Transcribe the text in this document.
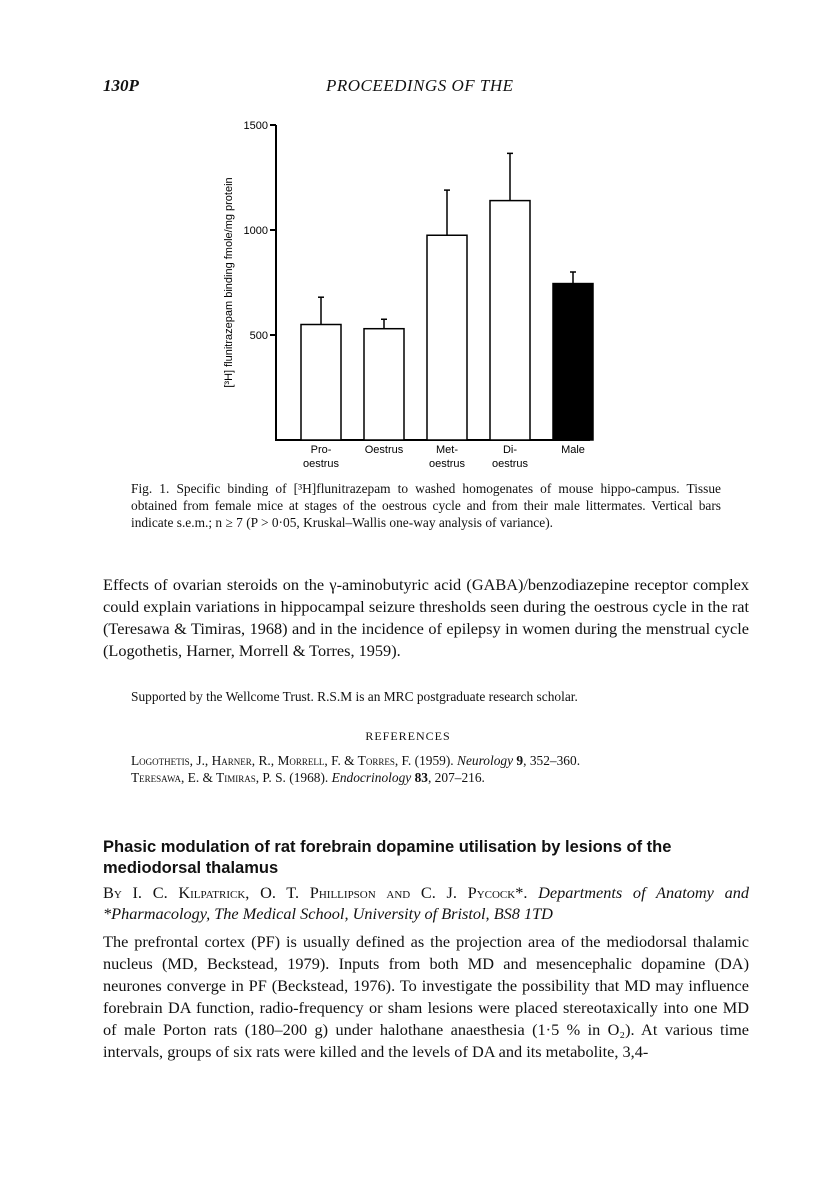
130P	PROCEEDINGS OF THE
500
1000
1500
[³H] flunitrazepam binding fmole/mg protein
Pro-oestrus
Oestrus	Met-oestrus
Di-oestrus
Male
Fig. 1. Specific binding of [³H]flunitrazepam to washed homogenates of mouse hippo-campus. Tissue obtained from female mice at stages of the oestrous cycle and from their male littermates. Vertical bars indicate s.e.m.; n ≥ 7 (P > 0·05, Kruskal–Wallis one-way analysis of variance).
Effects of ovarian steroids on the γ-aminobutyric acid (GABA)/benzodiazepine receptor complex could explain variations in hippocampal seizure thresholds seen during the oestrous cycle in the rat (Teresawa & Timiras, 1968) and in the incidence of epilepsy in women during the menstrual cycle (Logothetis, Harner, Morrell & Torres, 1959).
Supported by the Wellcome Trust. R.S.M is an MRC postgraduate research scholar.
REFERENCES
Logothetis, J., Harner, R., Morrell, F. & Torres, F. (1959). Neurology 9, 352–360.
Teresawa, E. & Timiras, P. S. (1968). Endocrinology 83, 207–216.
Phasic modulation of rat forebrain dopamine utilisation by lesions of the mediodorsal thalamus
By I. C. Kilpatrick, O. T. Phillipson and C. J. Pycock*. Departments of Anatomy and *Pharmacology, The Medical School, University of Bristol, BS8 1TD
The prefrontal cortex (PF) is usually defined as the projection area of the mediodorsal thalamic nucleus (MD, Beckstead, 1979). Inputs from both MD and mesencephalic dopamine (DA) neurones converge in PF (Beckstead, 1976). To investigate the possibility that MD may influence forebrain DA function, radio-frequency or sham lesions were placed stereotaxically into one MD of male Porton rats (180–200 g) under halothane anaesthesia (1·5 % in O₂). At various time intervals, groups of six rats were killed and the levels of DA and its metabolite, 3,4-
